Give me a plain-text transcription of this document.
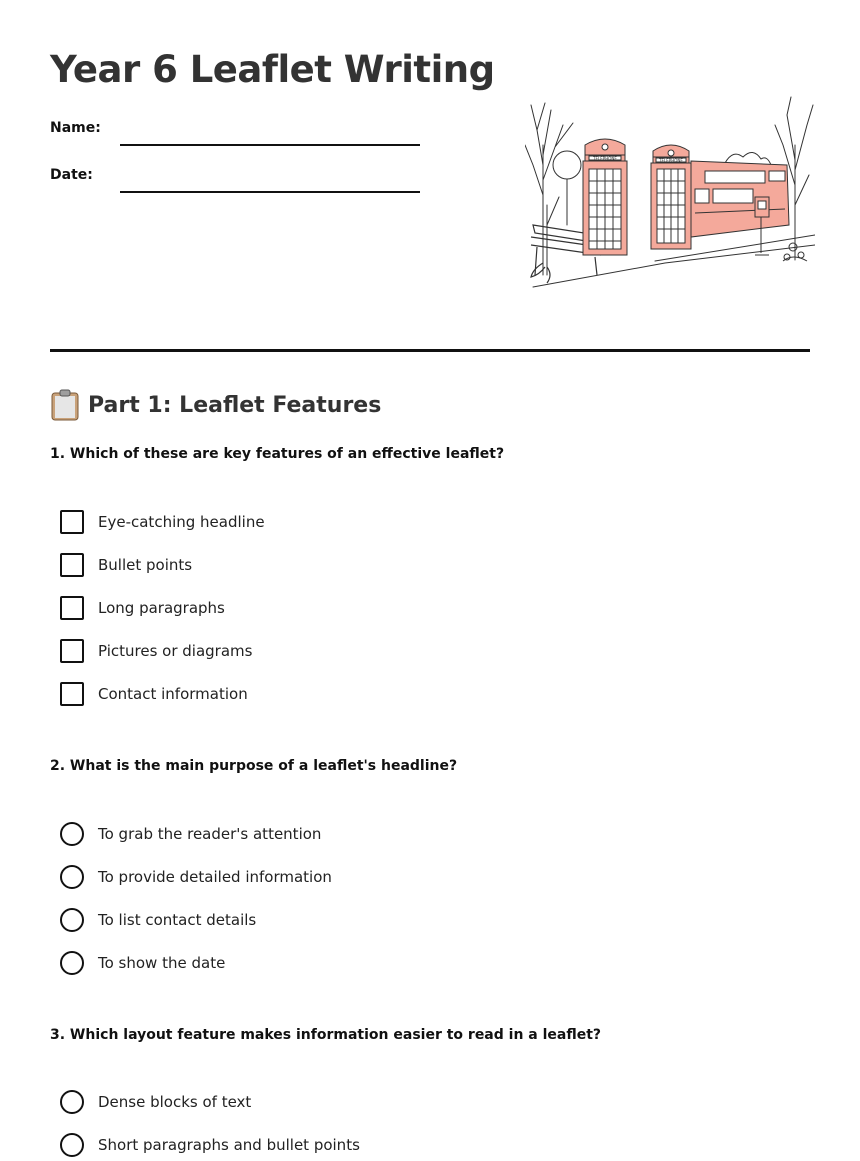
Year 6 Leaflet Writing
Name:
Date:
TELEPHONE	TELEPHONE
Part 1: Leaflet Features
1. Which of these are key features of an effective leaflet?
Eye-catching headline
Bullet points
Long paragraphs
Pictures or diagrams
Contact information
2. What is the main purpose of a leaflet's headline?
To grab the reader's attention
To provide detailed information
To list contact details
To show the date
3. Which layout feature makes information easier to read in a leaflet?
Dense blocks of text
Short paragraphs and bullet points
